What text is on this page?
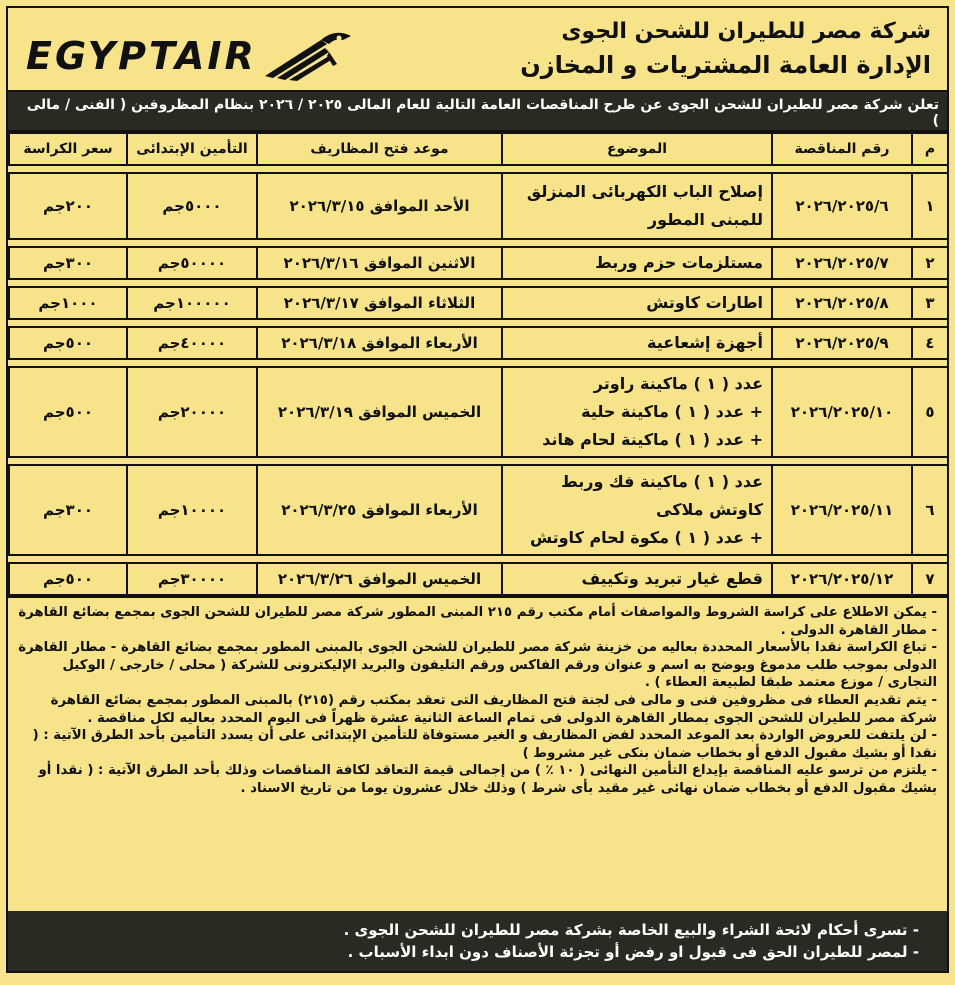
EGYPTAIR
شركة مصر للطيران للشحن الجوى
الإدارة العامة المشتريات و المخازن
تعلن شركة مصر للطيران للشحن الجوى عن طرح المناقصات العامة التالية للعام المالى ٢٠٢٥ / ٢٠٢٦ بنظام المظروفين ( الفنى / مالى )
م	رقم المناقصة	الموضوع	موعد فتح المظاريف	التأمين الإبتدائى	سعر الكراسة

١	٢٠٢٦/٢٠٢٥/٦	إصلاح الباب الكهربائى المنزلق
للمبنى المطور	الأحد الموافق ٢٠٢٦/٣/١٥	٥٠٠٠جم	٢٠٠جم

٢	٢٠٢٦/٢٠٢٥/٧	مستلزمات حزم وربط	الاثنين الموافق ٢٠٢٦/٣/١٦	٥٠٠٠٠جم	٣٠٠جم

٣	٢٠٢٦/٢٠٢٥/٨	اطارات كاوتش	الثلاثاء الموافق ٢٠٢٦/٣/١٧	١٠٠٠٠٠جم	١٠٠٠جم

٤	٢٠٢٦/٢٠٢٥/٩	أجهزة إشعاعية	الأربعاء الموافق ٢٠٢٦/٣/١٨	٤٠٠٠٠جم	٥٠٠جم

٥	٢٠٢٦/٢٠٢٥/١٠	عدد ( ١ ) ماكينة راوتر
+ عدد ( ١ ) ماكينة حلية
+ عدد ( ١ ) ماكينة لحام هاند	الخميس الموافق ٢٠٢٦/٣/١٩	٢٠٠٠٠جم	٥٠٠جم

٦	٢٠٢٦/٢٠٢٥/١١	عدد ( ١ ) ماكينة فك وربط
كاوتش ملاكى
+ عدد ( ١ ) مكوة لحام كاوتش	الأربعاء الموافق ٢٠٢٦/٣/٢٥	١٠٠٠٠جم	٣٠٠جم

٧	٢٠٢٦/٢٠٢٥/١٢	قطع غيار تبريد وتكييف	الخميس الموافق ٢٠٢٦/٣/٢٦	٣٠٠٠٠جم	٥٠٠جم

- يمكن الاطلاع على كراسة الشروط والمواصفات أمام مكتب رقم ٢١٥ المبنى المطور شركة مصر للطيران للشحن الجوى بمجمع بضائع القاهرة - مطار القاهرة الدولى .

- تباع الكراسة نقدا بالأسعار المحددة بعاليه من خزينة شركة مصر للطيران للشحن الجوى بالمبنى المطور بمجمع بضائع القاهرة - مطار القاهرة الدولى بموجب طلب مدموغ ويوضح به اسم و عنوان ورقم الفاكس ورقم التليفون والبريد الإليكترونى للشركة ( محلى / خارجى / الوكيل التجارى / موزع معتمد طبقا لطبيعة العطاء ) .

- يتم تقديم العطاء فى مظروفين فنى و مالى فى لجنة فتح المظاريف التى تعقد بمكتب رقم (٢١٥) بالمبنى المطور بمجمع بضائع القاهرة شركة مصر للطيران للشحن الجوى بمطار القاهرة الدولى فى تمام الساعة الثانية عشرة ظهراً فى اليوم المحدد بعاليه لكل مناقصة .

- لن يلتفت للعروض الواردة بعد الموعد المحدد لفض المظاريف و الغير مستوفاة للتأمين الإبتدائى على أن يسدد التأمين بأحد الطرق الآتية : ( نقدا أو بشيك مقبول الدفع أو بخطاب ضمان بنكى غير مشروط )

- يلتزم من ترسو عليه المناقصة بإيداع التأمين النهائى ( ١٠ ٪ ) من إجمالى قيمة التعاقد لكافة المناقصات وذلك بأحد الطرق الآتية : ( نقدا أو بشيك مقبول الدفع أو بخطاب ضمان نهائى غير مقيد بأى شرط ) وذلك خلال عشرون يوما من تاريخ الاسناد .

- تسرى أحكام لائحة الشراء والبيع الخاصة بشركة مصر للطيران للشحن الجوى .

- لمصر للطيران الحق فى قبول او رفض أو تجزئة الأصناف دون ابداء الأسباب .
